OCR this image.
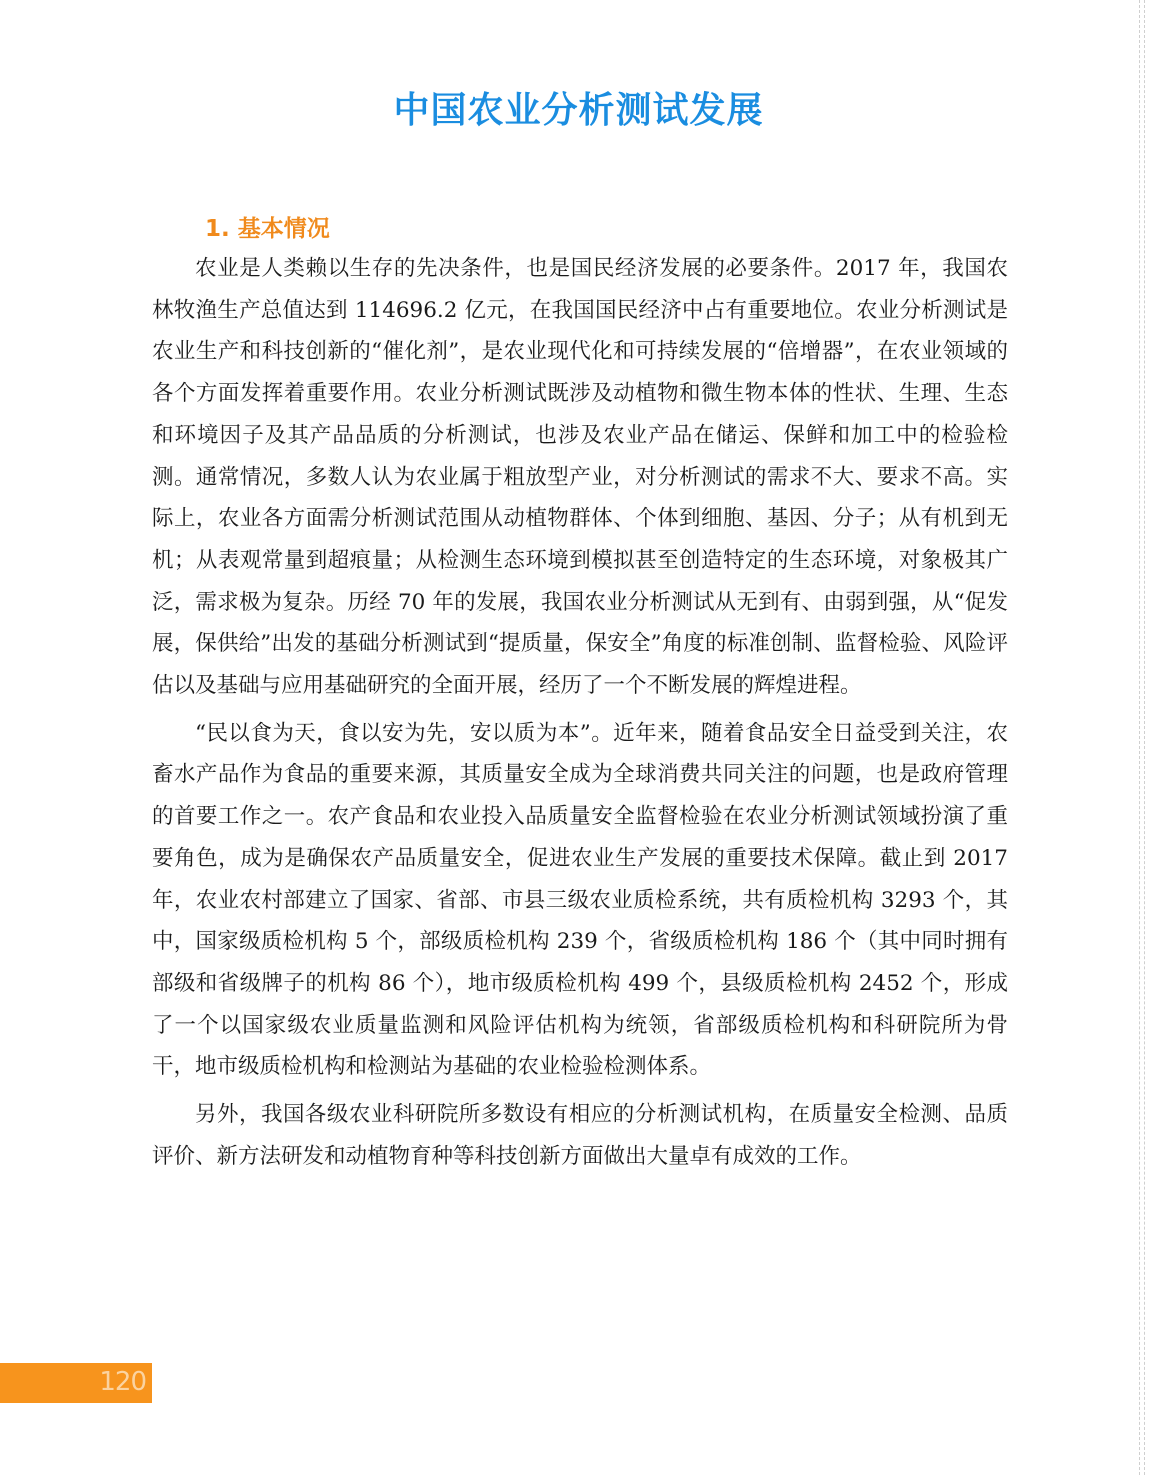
中国农业分析测试发展
1. 基本情况

农业是人类赖以生存的先决条件，也是国民经济发展的必要条件。2017 年，我国农林牧渔生产总值达到 114696.2 亿元，在我国国民经济中占有重要地位。农业分析测试是农业生产和科技创新的“催化剂”，是农业现代化和可持续发展的“倍增器”，在农业领域的各个方面发挥着重要作用。农业分析测试既涉及动植物和微生物本体的性状、生理、生态和环境因子及其产品品质的分析测试，也涉及农业产品在储运、保鲜和加工中的检验检测。通常情况，多数人认为农业属于粗放型产业，对分析测试的需求不大、要求不高。实际上，农业各方面需分析测试范围从动植物群体、个体到细胞、基因、分子；从有机到无机；从表观常量到超痕量；从检测生态环境到模拟甚至创造特定的生态环境，对象极其广泛，需求极为复杂。历经 70 年的发展，我国农业分析测试从无到有、由弱到强，从“促发展，保供给”出发的基础分析测试到“提质量，保安全”角度的标准创制、监督检验、风险评估以及基础与应用基础研究的全面开展，经历了一个不断发展的辉煌进程。

“民以食为天，食以安为先，安以质为本”。近年来，随着食品安全日益受到关注，农畜水产品作为食品的重要来源，其质量安全成为全球消费共同关注的问题，也是政府管理的首要工作之一。农产食品和农业投入品质量安全监督检验在农业分析测试领域扮演了重要角色，成为是确保农产品质量安全，促进农业生产发展的重要技术保障。截止到 2017 年，农业农村部建立了国家、省部、市县三级农业质检系统，共有质检机构 3293 个，其中，国家级质检机构 5 个，部级质检机构 239 个，省级质检机构 186 个（其中同时拥有部级和省级牌子的机构 86 个），地市级质检机构 499 个，县级质检机构 2452 个，形成了一个以国家级农业质量监测和风险评估机构为统领，省部级质检机构和科研院所为骨干，地市级质检机构和检测站为基础的农业检验检测体系。

另外，我国各级农业科研院所多数设有相应的分析测试机构，在质量安全检测、品质评价、新方法研发和动植物育种等科技创新方面做出大量卓有成效的工作。

120
